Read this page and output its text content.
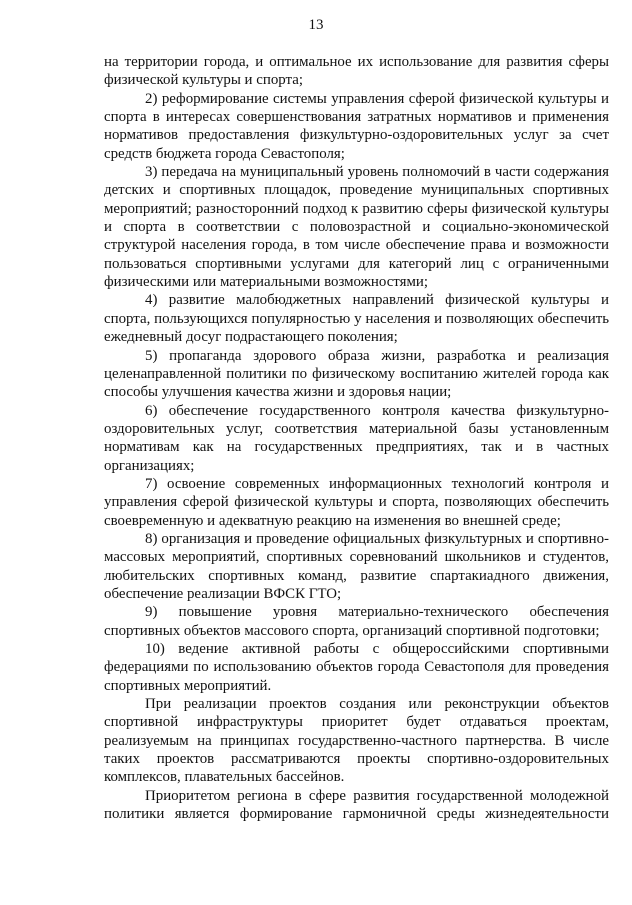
13

на территории города, и оптимальное их использование для развития сферы физической культуры и спорта;

2) реформирование системы управления сферой физической культуры и спорта в интересах совершенствования затратных нормативов и применения нормативов предоставления физкультурно-оздоровительных услуг за счет средств бюджета города Севастополя;

3) передача на муниципальный уровень полномочий в части содержания детских и спортивных площадок, проведение муниципальных спортивных мероприятий; разносторонний подход к развитию сферы физической культуры и спорта в соответствии с половозрастной и социально-экономической структурой населения города, в том числе обеспечение права и возможности пользоваться спортивными услугами для категорий лиц с ограниченными физическими или материальными возможностями;

4) развитие малобюджетных направлений физической культуры и спорта, пользующихся популярностью у населения и позволяющих обеспечить ежедневный досуг подрастающего поколения;

5) пропаганда здорового образа жизни, разработка и реализация целенаправленной политики по физическому воспитанию жителей города как способы улучшения качества жизни и здоровья нации;

6) обеспечение государственного контроля качества физкультурно-оздоровительных услуг, соответствия материальной базы установленным нормативам как на государственных предприятиях, так и в частных организациях;

7) освоение современных информационных технологий контроля и управления сферой физической культуры и спорта, позволяющих обеспечить своевременную и адекватную реакцию на изменения во внешней среде;

8) организация и проведение официальных физкультурных и спортивно-массовых мероприятий, спортивных соревнований школьников и студентов, любительских спортивных команд, развитие спартакиадного движения, обеспечение реализации ВФСК ГТО;

9) повышение уровня материально-технического обеспечения спортивных объектов массового спорта, организаций спортивной подготовки;

10) ведение активной работы с общероссийскими спортивными федерациями по использованию объектов города Севастополя для проведения спортивных мероприятий.

При реализации проектов создания или реконструкции объектов спортивной инфраструктуры приоритет будет отдаваться проектам, реализуемым на принципах государственно-частного партнерства. В числе таких проектов рассматриваются проекты спортивно-оздоровительных комплексов, плавательных бассейнов.

Приоритетом региона в сфере развития государственной молодежной политики является формирование гармоничной среды жизнедеятельности
